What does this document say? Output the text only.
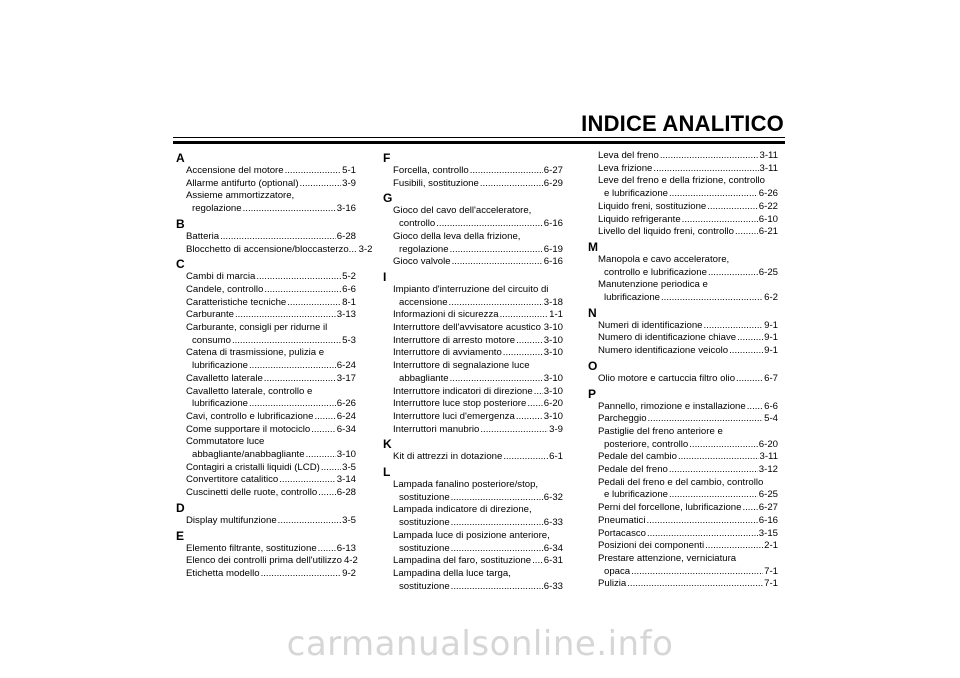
INDICE ANALITICO
A
Accensione del motore .....	5-1
Allarme antifurto (optional) .....	3-9
Assieme ammortizzatore,
regolazione .....	3-16
B
Batteria .....	6-28
Blocchetto di accensione/bloccasterzo... 3-2
C
Cambi di marcia .....	5-2
Candele, controllo .....	6-6
Caratteristiche tecniche .....	8-1
Carburante .....	3-13
Carburante, consigli per ridurne il
consumo .....	5-3
Catena di trasmissione, pulizia e
lubrificazione .....	6-24
Cavalletto laterale .....	3-17
Cavalletto laterale, controllo e
lubrificazione .....	6-26
Cavi, controllo e lubrificazione ..... 6-24
Come supportare il motociclo .....	6-34
Commutatore luce
abbagliante/anabbagliante .....	3-10
Contagiri a cristalli liquidi (LCD) ..... 3-5
Convertitore catalitico .....	3-14
Cuscinetti delle ruote, controllo ..... 6-28
D
Display multifunzione .....	3-5
E
Elemento filtrante, sostituzione ..... 6-13
Elenco dei controlli prima dell'utilizzo 4-2
Etichetta modello .....	9-2
F
Forcella, controllo .....	6-27
Fusibili, sostituzione .....	6-29
G
Gioco del cavo dell'acceleratore,
controllo .....	6-16
Gioco della leva della frizione,
regolazione .....	6-19
Gioco valvole .....	6-16
I
Impianto d'interruzione del circuito di
accensione .....	3-18
Informazioni di sicurezza .....	1-1
Interruttore dell'avvisatore acustico ..... 3-10
Interruttore di arresto motore .....	3-10
Interruttore di avviamento .....	3-10
Interruttore di segnalazione luce
abbagliante .....	3-10
Interruttore indicatori di direzione ..... 3-10
Interruttore luce stop posteriore ..... 6-20
Interruttore luci d'emergenza .....	3-10
Interruttori manubrio .....	3-9
K
Kit di attrezzi in dotazione .....	6-1
L
Lampada fanalino posteriore/stop,
sostituzione .....	6-32
Lampada indicatore di direzione,
sostituzione .....	6-33
Lampada luce di posizione anteriore,
sostituzione .....	6-34
Lampadina del faro, sostituzione ..... 6-31
Lampadina della luce targa,
sostituzione .....	6-33
Leva del freno .....	3-11
Leva frizione .....	3-11
Leve del freno e della frizione, controllo
e lubrificazione .....	6-26
Liquido freni, sostituzione .....	6-22
Liquido refrigerante .....	6-10
Livello del liquido freni, controllo .....	6-21
M
Manopola e cavo acceleratore,
controllo e lubrificazione .....	6-25
Manutenzione periodica e
lubrificazione .....	6-2
N
Numeri di identificazione .....	9-1
Numero di identificazione chiave .....	9-1
Numero identificazione veicolo .....	9-1
O
Olio motore e cartuccia filtro olio .....	6-7
P
Pannello, rimozione e installazione ..... 6-6
Parcheggio .....	5-4
Pastiglie del freno anteriore e
posteriore, controllo .....	6-20
Pedale del cambio .....	3-11
Pedale del freno .....	3-12
Pedali del freno e del cambio, controllo
e lubrificazione .....	6-25
Perni del forcellone, lubrificazione ..... 6-27
Pneumatici .....	6-16
Portacasco .....	3-15
Posizioni dei componenti .....	2-1
Prestare attenzione, verniciatura
opaca .....	7-1
Pulizia .....	7-1
carmanualsonline.info
